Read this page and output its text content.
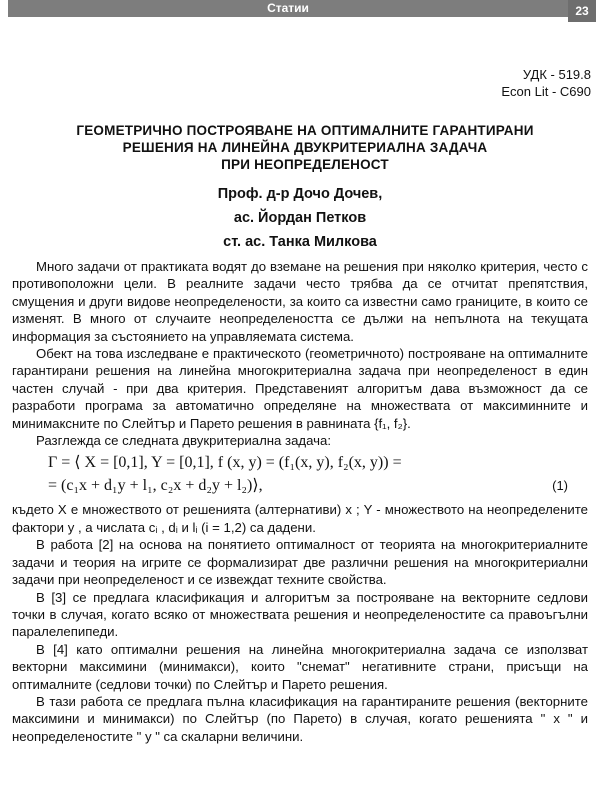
Статии	23
УДК - 519.8
Econ Lit - C690
ГЕОМЕТРИЧНО ПОСТРОЯВАНЕ НА ОПТИМАЛНИТЕ ГАРАНТИРАНИ
РЕШЕНИЯ НА ЛИНЕЙНА ДВУКРИТЕРИАЛНА ЗАДАЧА
ПРИ НЕОПРЕДЕЛЕНОСТ
Проф. д-р Дочо Дочев,
ас. Йордан Петков
ст. ас. Танка Милкова

Много задачи от практиката водят до вземане на решения при няколко критерия, често с противоположни цели. В реалните задачи често трябва да се отчитат препятствия, смущения и други видове неопределености, за които са известни само границите, в които се изменят. В много от случаите неопределеността се дължи на непълнота на текущата информация за състоянието на управляемата система.

Обект на това изследване е практическото (геометричното) построяване на оптималните гарантирани решения на линейна многокритериална задача при неопределеност в един частен случай - при два критерия. Представеният алгоритъм дава възможност да се разработи програма за автоматично определяне на множествата от максиминните и минимаксните по Слейтър и Парето решения в равнината {f₁, f₂}.

Разглежда се следната двукритериална задача:

Γ = ⟨ X = [0,1], Y = [0,1], f (x, y) = (f₁(x, y), f₂(x, y)) =
= (c₁x + d₁y + l₁, c₂x + d₂y + l₂)⟩,	(1)

където X е множеството от решенията (алтернативи) x ; Y - множеството на неопределените фактори y , а числата cᵢ , dᵢ и lᵢ (i = 1,2) са дадени.

В работа [2] на основа на понятието оптималност от теорията на многокритериалните задачи и теория на игрите се формализират две различни решения на многокритериални задачи при неопределеност и се извеждат техните свойства.

В [3] се предлага класификация и алгоритъм за построяване на векторните седлови точки в случая, когато всяко от множествата решения и неопределеностите са правоъгълни паралелепипеди.

В [4] като оптимални решения на линейна многокритериална задача се използват векторни максимини (минимакси), които "снемат" негативните страни, присъщи на оптималните (седлови точки) по Слейтър и Парето решения.

В тази работа се предлага пълна класификация на гарантираните решения (векторните максимини и минимакси) по Слейтър (по Парето) в случая, когато решенията " x " и неопределеностите " y " са скаларни величини.
